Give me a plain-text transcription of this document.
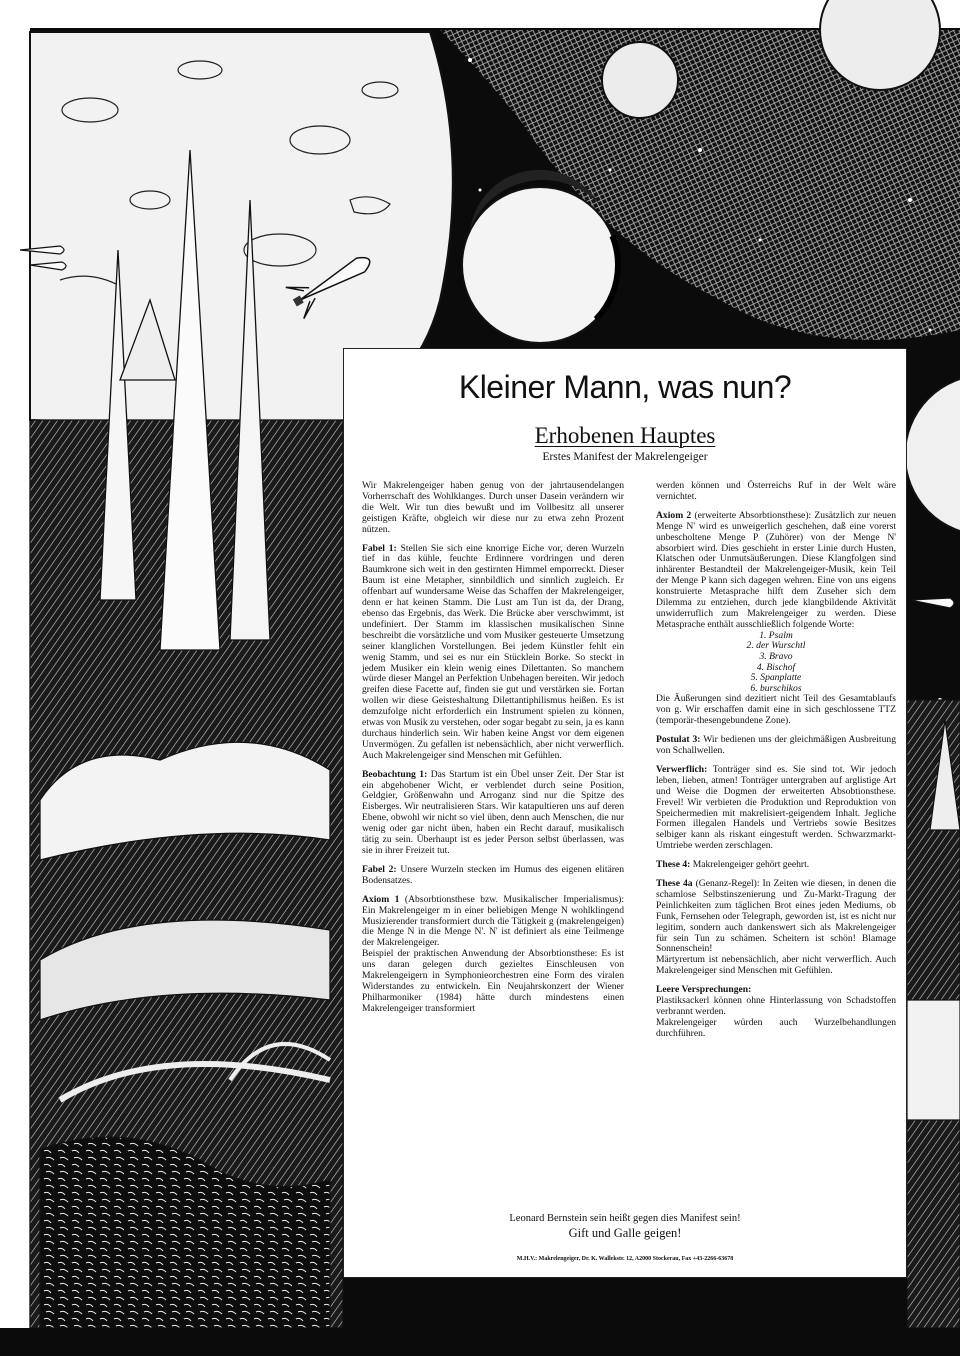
Kleiner Mann, was nun?
Erhobenen Hauptes
Erstes Manifest der Makrelengeiger

Wir Makrelengeiger haben genug von der jahrtausendelangen Vorherrschaft des Wohlklanges. Durch unser Dasein verändern wir die Welt. Wir tun dies bewußt und im Vollbesitz all unserer geistigen Kräfte, obgleich wir diese nur zu etwa zehn Prozent nützen.

Fabel 1: Stellen Sie sich eine knorrige Eiche vor, deren Wurzeln tief in das kühle, feuchte Erdinnere vordringen und deren Baumkrone sich weit in den gestirnten Himmel emporreckt. Dieser Baum ist eine Metapher, sinnbildlich und sinnlich zugleich. Er offenbart auf wundersame Weise das Schaffen der Makrelengeiger, denn er hat keinen Stamm. Die Lust am Tun ist da, der Drang, ebenso das Ergebnis, das Werk. Die Brücke aber verschwimmt, ist undefiniert. Der Stamm im klassischen musikalischen Sinne beschreibt die vorsätzliche und vom Musiker gesteuerte Umsetzung seiner klanglichen Vorstellungen. Bei jedem Künstler fehlt ein wenig Stamm, und sei es nur ein Stücklein Borke. So steckt in jedem Musiker ein klein wenig eines Dilettanten. So manchem würde dieser Mangel an Perfektion Unbehagen bereiten. Wir jedoch greifen diese Facette auf, finden sie gut und verstärken sie. Fortan wollen wir diese Geisteshaltung Dilettantiphilismus heißen. Es ist demzufolge nicht erforderlich ein Instrument spielen zu können, etwas von Musik zu verstehen, oder sogar begabt zu sein, ja es kann durchaus hinderlich sein. Wir haben keine Angst vor dem eigenen Unvermögen. Zu gefallen ist nebensächlich, aber nicht verwerflich. Auch Makrelengeiger sind Menschen mit Gefühlen.

Beobachtung 1: Das Startum ist ein Übel unser Zeit. Der Star ist ein abgehobener Wicht, er verblendet durch seine Position, Geldgier, Größenwahn und Arroganz sind nur die Spitze des Eisberges. Wir neutralisieren Stars. Wir katapultieren uns auf deren Ebene, obwohl wir nicht so viel üben, denn auch Menschen, die nur wenig oder gar nicht üben, haben ein Recht darauf, musikalisch tätig zu sein. Überhaupt ist es jeder Person selbst überlassen, was sie in ihrer Freizeit tut.

Fabel 2: Unsere Wurzeln stecken im Humus des eigenen elitären Bodensatzes.

Axiom 1 (Absorbtionsthese bzw. Musikalischer Imperialismus): Ein Makrelengeiger m in einer beliebigen Menge N wohlklingend Musizierender transformiert durch die Tätigkeit g (makrelengeigen) die Menge N in die Menge N'. N' ist definiert als eine Teilmenge der Makrelengeiger.

Beispiel der praktischen Anwendung der Absorbtionsthese: Es ist uns daran gelegen durch gezieltes Einschleusen von Makrelengeigern in Symphonieorchestren eine Form des viralen Widerstandes zu entwickeln. Ein Neujahrskonzert der Wiener Philharmoniker (1984) hätte durch mindestens einen Makrelengeiger transformiert

werden können und Österreichs Ruf in der Welt wäre vernichtet.

Axiom 2 (erweiterte Absorbtionsthese): Zusätzlich zur neuen Menge N' wird es unweigerlich geschehen, daß eine vorerst unbescholtene Menge P (Zuhörer) von der Menge N' absorbiert wird. Dies geschieht in erster Linie durch Husten, Klatschen oder Unmutsäußerungen. Diese Klangfolgen sind inhärenter Bestandteil der Makrelengeiger-Musik, kein Teil der Menge P kann sich dagegen wehren. Eine von uns eigens konstruierte Metasprache hilft dem Zuseher sich dem Dilemma zu entziehen, durch jede klangbildende Aktivität unwiderruflich zum Makrelengeiger zu werden. Diese Metasprache enthält ausschließlich folgende Worte:

1. Psalm
2. der Wurschtl
3. Bravo
4. Bischof
5. Spanplatte
6. burschikos

Die Äußerungen sind dezitiert nicht Teil des Gesamtablaufs von g. Wir erschaffen damit eine in sich geschlossene TTZ (temporär-thesengebundene Zone).

Postulat 3: Wir bedienen uns der gleichmäßigen Ausbreitung von Schallwellen.

Verwerflich: Tonträger sind es. Sie sind tot. Wir jedoch leben, lieben, atmen! Tonträger untergraben auf arglistige Art und Weise die Dogmen der erweiterten Absobtionsthese. Frevel! Wir verbieten die Produktion und Reproduktion von Speichermedien mit makrelisiert-geigendem Inhalt. Jegliche Formen illegalen Handels und Vertriebs sowie Besitzes selbiger kann als riskant eingestuft werden. Schwarzmarkt-Umtriebe werden zerschlagen.

These 4: Makrelengeiger gehört geehrt.

These 4a (Genanz-Regel): In Zeiten wie diesen, in denen die schamlose Selbstinszenierung und Zu-Markt-Tragung der Peinlichkeiten zum täglichen Brot eines jeden Mediums, ob Funk, Fernsehen oder Telegraph, geworden ist, ist es nicht nur legitim, sondern auch dankenswert sich als Makrelengeiger für sein Tun zu schämen. Scheitern ist schön! Blamage Sonnenschein!

Märtyrertum ist nebensächlich, aber nicht verwerflich. Auch Makrelengeiger sind Menschen mit Gefühlen.

Leere Versprechungen:

Plastiksackerl können ohne Hinterlassung von Schadstoffen verbrannt werden.

Makrelengeiger würden auch Wurzelbehandlungen durchführen.

Leonard Bernstein sein heißt gegen dies Manifest sein!
Gift und Galle geigen!
M.H.V.: Makrelengeiger, Dr. K. Wallekstr. 12, A2000 Stockerau, Fax +43-2266-63678
